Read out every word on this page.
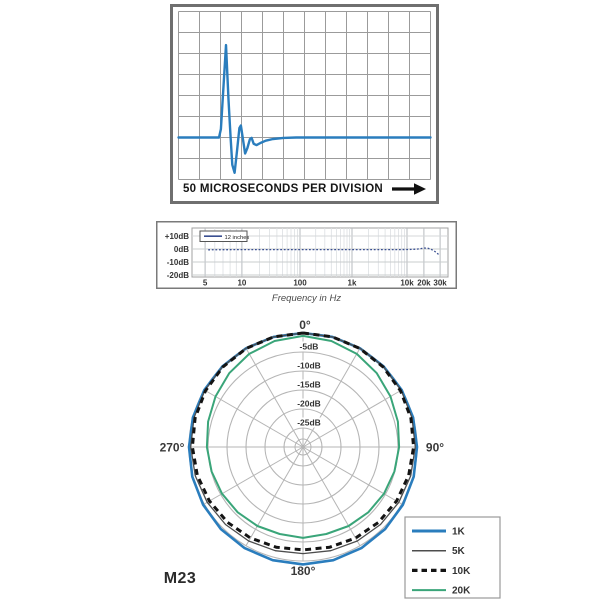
50 MICROSECONDS PER DIVISION
+10dB
0dB
-10dB
-20dB
5	10	100	1k	10k 20k 30k
12 inches
Frequency in Hz
-5dB
-10dB
-15dB
-20dB
-25dB
0°
90°
180°
270°
1K
5K
10K
20K
M23
